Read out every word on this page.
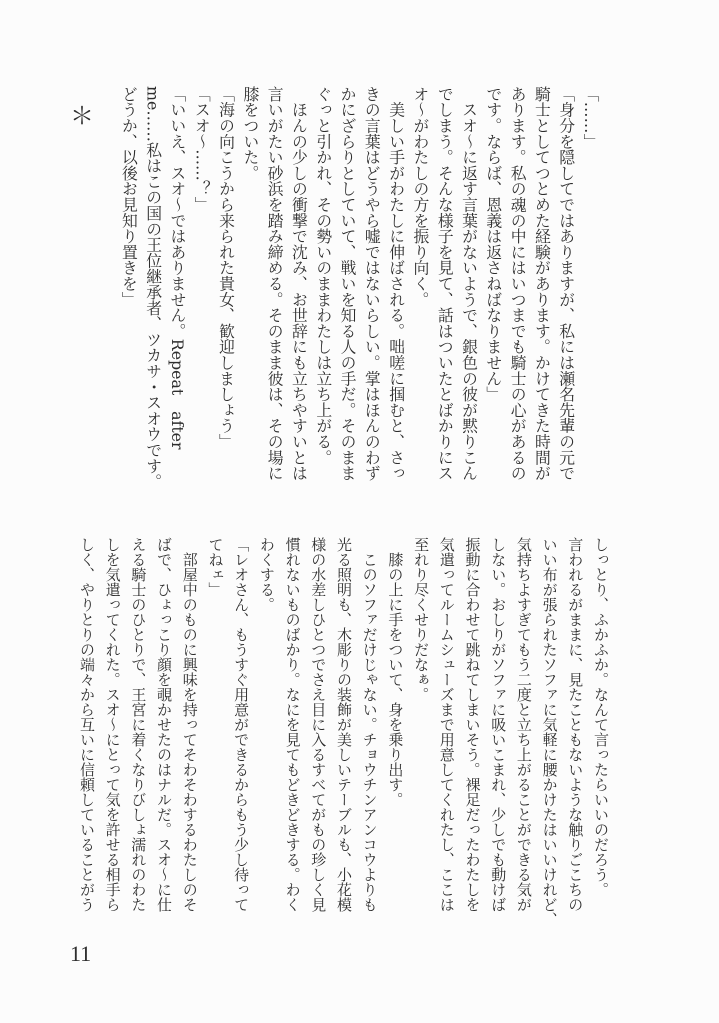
「……」
「身分を隠してではありますが、私には瀬名先輩の元で
騎士としてつとめた経験があります。かけてきた時間が
あります。私の魂の中にはいつまでも騎士の心があるの
です。ならば、恩義は返さねばなりません」
　スオ〜に返す言葉がないようで、銀色の彼が黙りこん
でしまう。そんな様子を見て、話はついたとばかりにス
オ〜がわたしの方を振り向く。
　美しい手がわたしに伸ばされる。咄嗟に掴むと、さっ
きの言葉はどうやら嘘ではないらしい。掌はほんのわず
かにざらりとしていて、戦いを知る人の手だ。そのまま
ぐっと引かれ、その勢いのままわたしは立ち上がる。
　ほんの少しの衝撃で沈み、お世辞にも立ちやすいとは
言いがたい砂浜を踏み締める。そのまま彼は、その場に
膝をついた。
「海の向こうから来られた貴女、歓迎しましょう」
「スオ〜……？」
「いいえ、スオ〜ではありません。Repeat　after
me……私はこの国の王位継承者、ツカサ・スオウです。
どうか、以後お見知り置きを」
＊
しっとり、ふかふか。なんて言ったらいいのだろう。
言われるがままに、見たこともないような触りごこちの
いい布が張られたソファに気軽に腰かけたはいいけれど、
気持ちよすぎてもう二度と立ち上がることができる気が
しない。おしりがソファに吸いこまれ、少しでも動けば
振動に合わせて跳ねてしまいそう。裸足だったわたしを
気遣ってルームシューズまで用意してくれたし、ここは
至れり尽くせりだなぁ。
　膝の上に手をついて、身を乗り出す。
　このソファだけじゃない。チョウチンアンコウよりも
光る照明も、木彫りの装飾が美しいテーブルも、小花模
様の水差しひとつでさえ目に入るすべてがもの珍しく見
慣れないものばかり。なにを見てもどきどきする。わく
わくする。
「レオさん、もうすぐ用意ができるからもう少し待って
てねェ」
　部屋中のものに興味を持ってそわそわするわたしのそ
ばで、ひょっこり顔を覗かせたのはナルだ。スオ〜に仕
える騎士のひとりで、王宮に着くなりびしょ濡れのわた
しを気遣ってくれた。スオ〜にとって気を許せる相手ら
しく、やりとりの端々から互いに信頼していることがう
11
